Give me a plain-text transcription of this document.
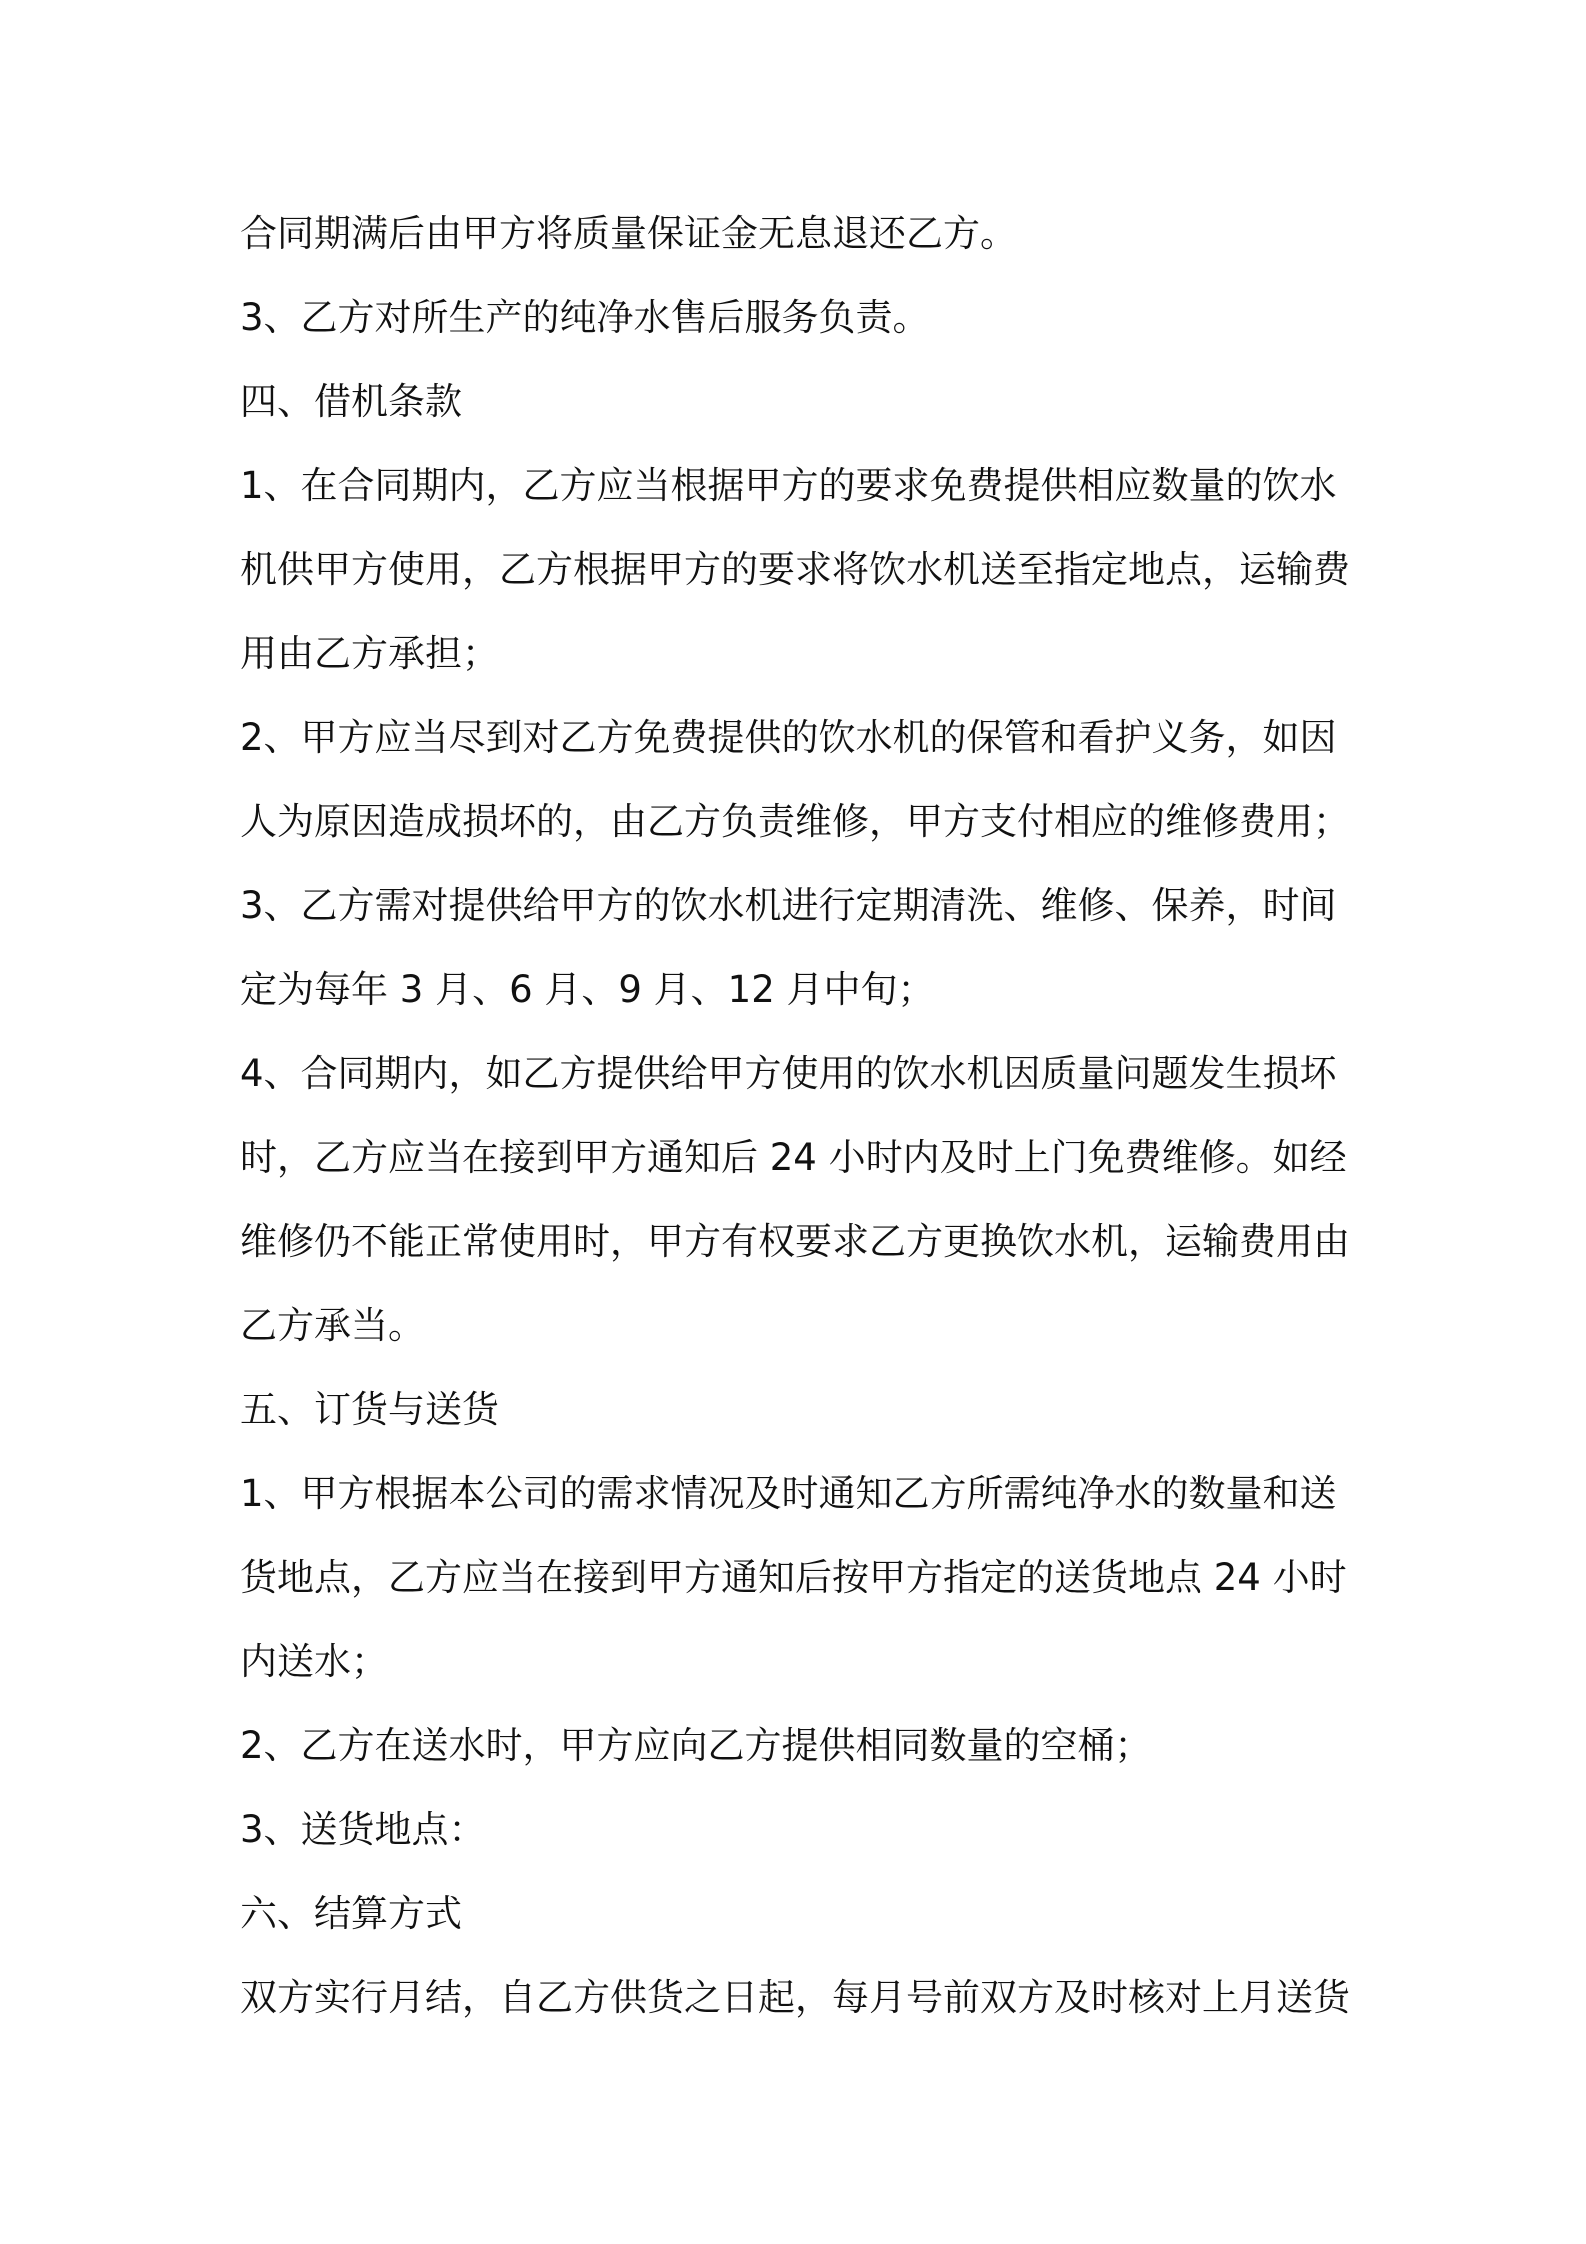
合同期满后由甲方将质量保证金无息退还乙方。
3、乙方对所生产的纯净水售后服务负责。
四、借机条款
1、在合同期内，乙方应当根据甲方的要求免费提供相应数量的饮水
机供甲方使用，乙方根据甲方的要求将饮水机送至指定地点，运输费
用由乙方承担；
2、甲方应当尽到对乙方免费提供的饮水机的保管和看护义务，如因
人为原因造成损坏的，由乙方负责维修，甲方支付相应的维修费用；
3、乙方需对提供给甲方的饮水机进行定期清洗、维修、保养，时间
定为每年 3 月、6 月、9 月、12 月中旬；
4、合同期内，如乙方提供给甲方使用的饮水机因质量问题发生损坏
时，乙方应当在接到甲方通知后 24 小时内及时上门免费维修。如经
维修仍不能正常使用时，甲方有权要求乙方更换饮水机，运输费用由
乙方承当。
五、订货与送货
1、甲方根据本公司的需求情况及时通知乙方所需纯净水的数量和送
货地点，乙方应当在接到甲方通知后按甲方指定的送货地点 24 小时
内送水；
2、乙方在送水时，甲方应向乙方提供相同数量的空桶；
3、送货地点：
六、结算方式
双方实行月结，自乙方供货之日起，每月号前双方及时核对上月送货
